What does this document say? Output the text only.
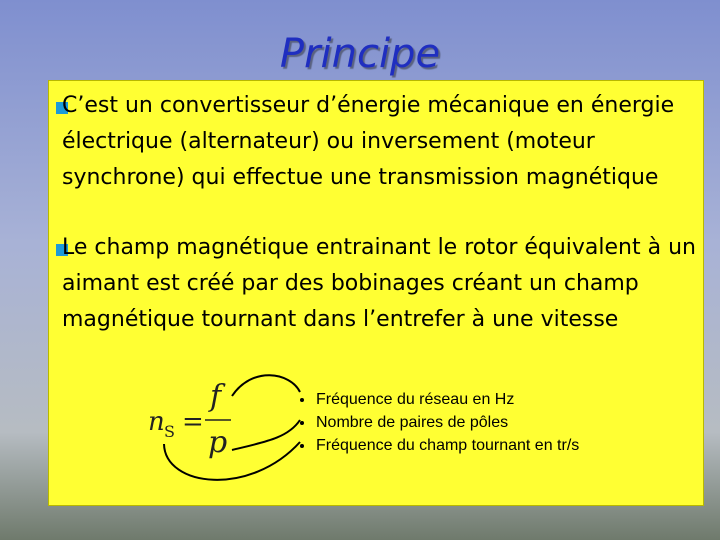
Principe
C’est un convertisseur d’énergie mécanique en énergie électrique (alternateur) ou inversement (moteur synchrone) qui effectue une transmission magnétique
Le champ magnétique entrainant le rotor équivalent à un aimant est créé par des bobinages créant un champ magnétique tournant dans l’entrefer à une vitesse
n S =
f
p
Fréquence du réseau en Hz
Nombre de paires de pôles
Fréquence du champ tournant en tr/s
